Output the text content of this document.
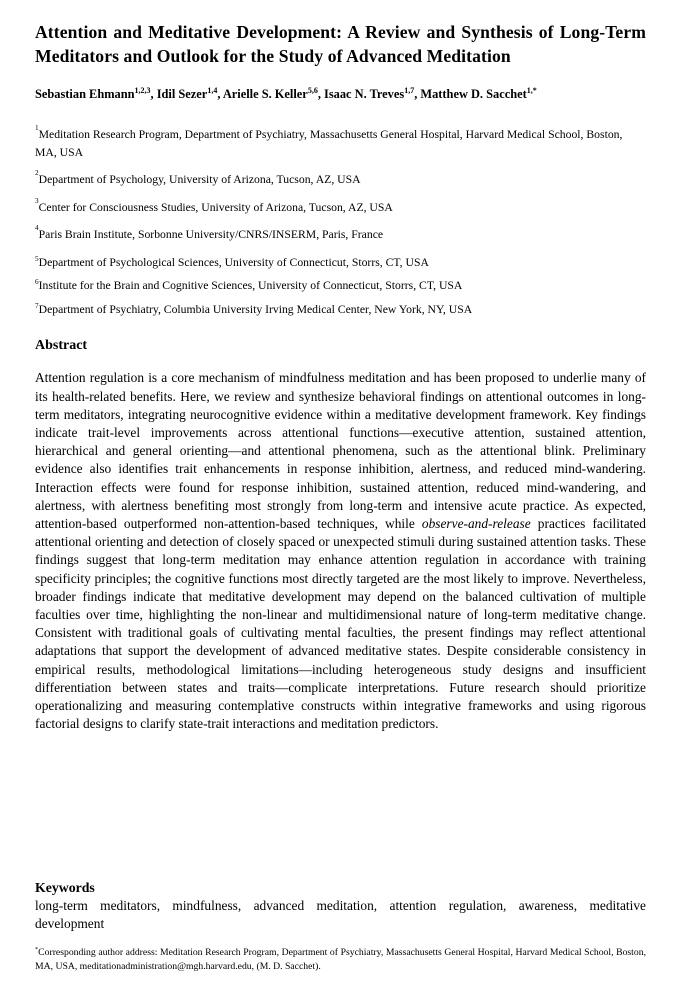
Attention and Meditative Development: A Review and Synthesis of Long-Term Meditators and Outlook for the Study of Advanced Meditation
Sebastian Ehmann$^{1,2,3}$, Idil Sezer$^{1,4}$, Arielle S. Keller$^{5,6}$, Isaac N. Treves$^{1,7}$, Matthew D. Sacchet$^{1,*}$

$^1$Meditation Research Program, Department of Psychiatry, Massachusetts General Hospital, Harvard Medical School, Boston, MA, USA

$^2$Department of Psychology, University of Arizona, Tucson, AZ, USA

$^3$Center for Consciousness Studies, University of Arizona, Tucson, AZ, USA

$^4$Paris Brain Institute, Sorbonne University/CNRS/INSERM, Paris, France

$^5$Department of Psychological Sciences, University of Connecticut, Storrs, CT, USA

$^6$Institute for the Brain and Cognitive Sciences, University of Connecticut, Storrs, CT, USA

$^7$Department of Psychiatry, Columbia University Irving Medical Center, New York, NY, USA

Abstract

Attention regulation is a core mechanism of mindfulness meditation and has been proposed to underlie many of its health-related benefits. Here, we review and synthesize behavioral findings on attentional outcomes in long-term meditators, integrating neurocognitive evidence within a meditative development framework. Key findings indicate trait-level improvements across attentional functions—executive attention, sustained attention, hierarchical and general orienting—and attentional phenomena, such as the attentional blink. Preliminary evidence also identifies trait enhancements in response inhibition, alertness, and reduced mind-wandering. Interaction effects were found for response inhibition, sustained attention, reduced mind-wandering, and alertness, with alertness benefiting most strongly from long-term and intensive acute practice. As expected, attention-based outperformed non-attention-based techniques, while observe-and-release practices facilitated attentional orienting and detection of closely spaced or unexpected stimuli during sustained attention tasks. These findings suggest that long-term meditation may enhance attention regulation in accordance with training specificity principles; the cognitive functions most directly targeted are the most likely to improve. Nevertheless, broader findings indicate that meditative development may depend on the balanced cultivation of multiple faculties over time, highlighting the non-linear and multidimensional nature of long-term meditative change. Consistent with traditional goals of cultivating mental faculties, the present findings may reflect attentional adaptations that support the development of advanced meditative states. Despite considerable consistency in empirical results, methodological limitations—including heterogeneous study designs and insufficient differentiation between states and traits—complicate interpretations. Future research should prioritize operationalizing and measuring contemplative constructs within integrative frameworks and using rigorous factorial designs to clarify state-trait interactions and meditation predictors.

Keywords

long-term meditators, mindfulness, advanced meditation, attention regulation, awareness, meditative development

*Corresponding author address: Meditation Research Program, Department of Psychiatry, Massachusetts General Hospital, Harvard Medical School, Boston, MA, USA, meditationadministration@mgh.harvard.edu, (M. D. Sacchet).
